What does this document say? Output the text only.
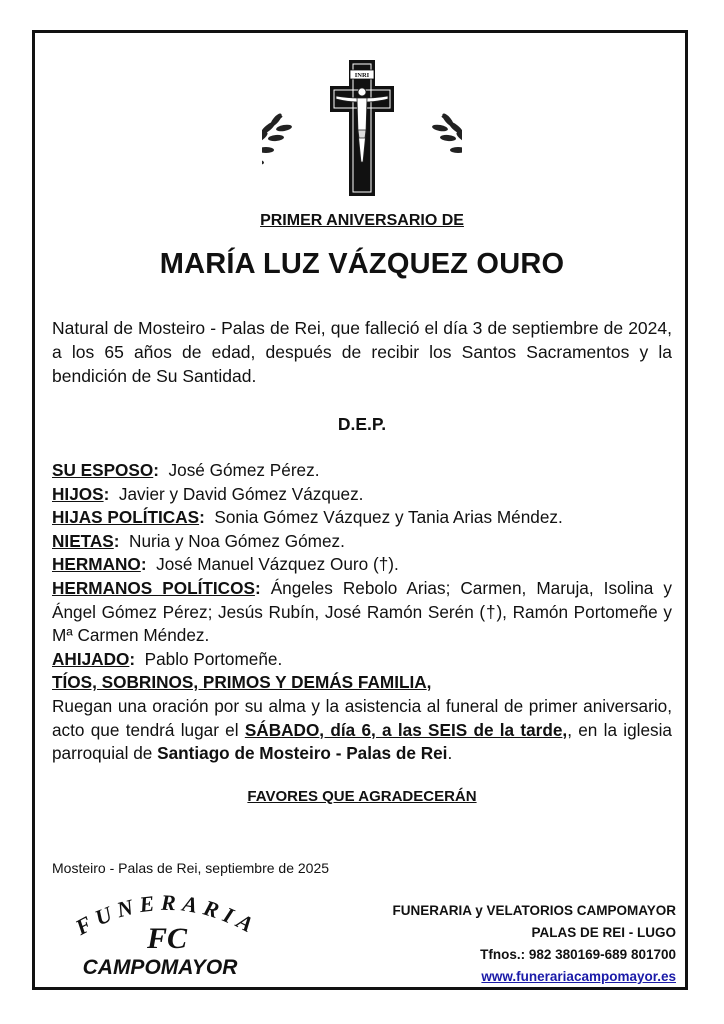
INRI
PRIMER ANIVERSARIO DE
MARÍA LUZ VÁZQUEZ OURO
Natural de Mosteiro - Palas de Rei, que falleció el día 3 de septiembre de 2024, a los 65 años de edad, después de recibir los Santos Sacramentos y la bendición de Su Santidad.
D.E.P.

SU ESPOSO: José Gómez Pérez.

HIJOS: Javier y David Gómez Vázquez.

HIJAS POLÍTICAS: Sonia Gómez Vázquez y Tania Arias Méndez.

NIETAS: Nuria y Noa Gómez Gómez.

HERMANO: José Manuel Vázquez Ouro (†).

HERMANOS POLÍTICOS: Ángeles Rebolo Arias; Carmen, Maruja, Isolina y Ángel Gómez Pérez; Jesús Rubín, José Ramón Serén (†), Ramón Portomeñe y Mª Carmen Méndez.

AHIJADO: Pablo Portomeñe.

TÍOS, SOBRINOS, PRIMOS Y DEMÁS FAMILIA,

Ruegan una oración por su alma y la asistencia al funeral de primer aniversario, acto que tendrá lugar el SÁBADO, día 6, a las SEIS de la tarde,, en la iglesia parroquial de Santiago de Mosteiro - Palas de Rei.

FAVORES QUE AGRADECERÁN
Mosteiro - Palas de Rei, septiembre de 2025
FUNERARIA
FC
CAMPOMAYOR
FUNERARIA y VELATORIOS CAMPOMAYOR
PALAS DE REI - LUGO
Tfnos.: 982 380169-689 801700
www.funerariacampomayor.es
